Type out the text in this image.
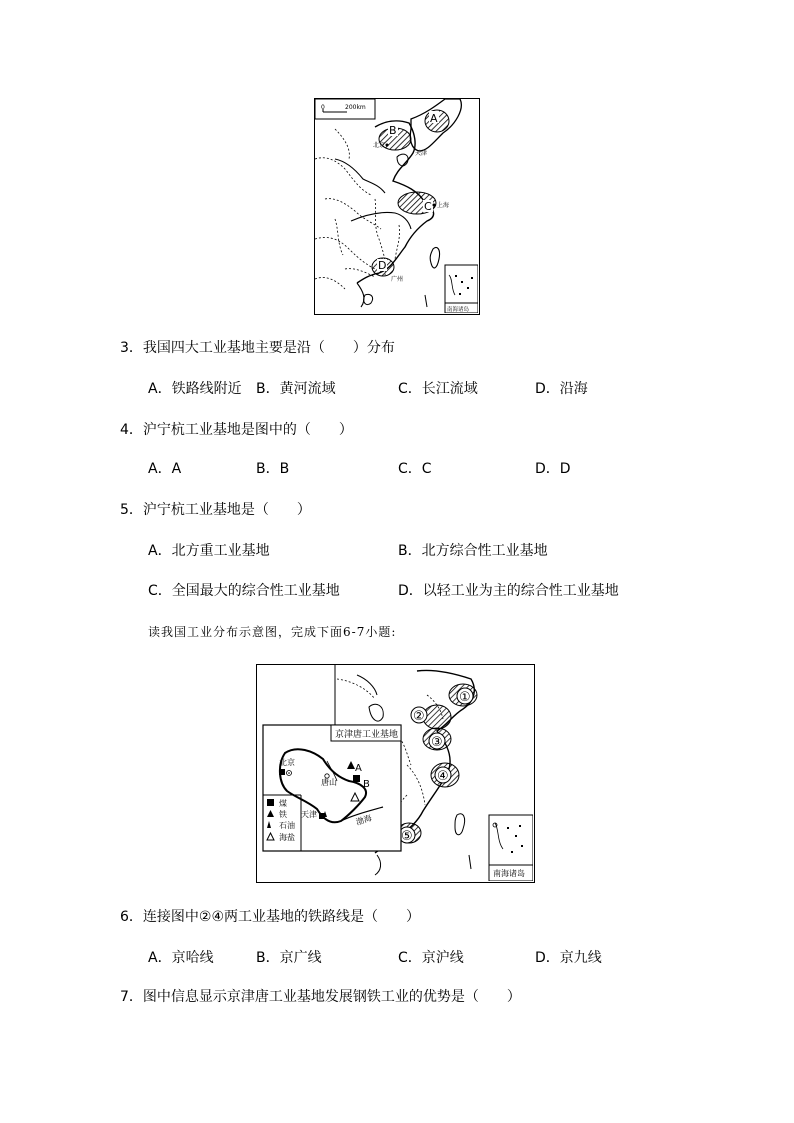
0	200km
A
B
C
D
北京
天津
上海
广州
南海诸岛
3．我国四大工业基地主要是沿（　　）分布
A．铁路线附近 B．黄河流域	C．长江流域	D．沿海
4．沪宁杭工业基地是图中的（　　）
A．A	B．B	C．C	D．D
5．沪宁杭工业基地是（　　）
A．北方重工业基地	B．北方综合性工业基地
C．全国最大的综合性工业基地	D．以轻工业为主的综合性工业基地
读我国工业分布示意图，完成下面6-7小题:
①
②
③
④
⑤
京津唐工业基地
渤海
北京
唐山
天津
A
B
煤
铁
石油
海盐
南海诸岛
6．连接图中②④两工业基地的铁路线是（　　）
A．京哈线	B．京广线	C．京沪线	D．京九线
7．图中信息显示京津唐工业基地发展钢铁工业的优势是（　　）
